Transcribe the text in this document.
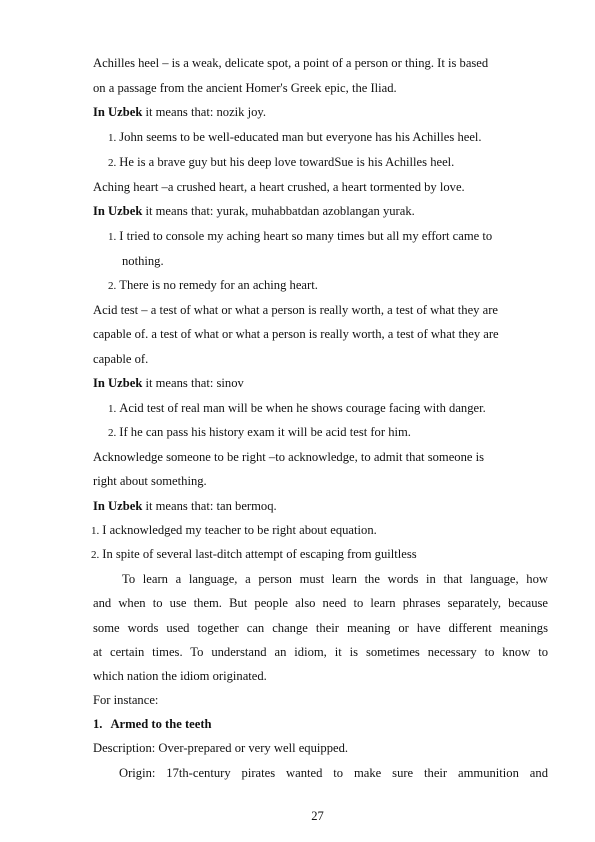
Achilles heel – is a weak, delicate spot, a point of a person or thing. It is based
on a passage from the ancient Homer's Greek epic, the Iliad.
In Uzbek it means that: nozik joy.
1. John seems to be well-educated man but everyone has his Achilles heel.
2. He is a brave guy but his deep love towardSue is his Achilles heel.
Aching heart –a crushed heart, a heart crushed, a heart tormented by love.
In Uzbek it means that: yurak, muhabbatdan azoblangan yurak.
1. I tried to console my aching heart so many times but all my effort came to
nothing.
2. There is no remedy for an aching heart.
Acid test – a test of what or what a person is really worth, a test of what they are
capable of. a test of what or what a person is really worth, a test of what they are
capable of.
In Uzbek it means that: sinov
1. Acid test of real man will be when he shows courage facing with danger.
2. If he can pass his history exam it will be acid test for him.
Acknowledge someone to be right –to acknowledge, to admit that someone is
right about something.
In Uzbek it means that: tan bermoq.
1. I acknowledged my teacher to be right about equation.
2. In spite of several last-ditch attempt of escaping from guiltless
To learn a language, a person must learn the words in that language, how
and when to use them. But people also need to learn phrases separately, because
some words used together can change their meaning or have different meanings
at certain times. To understand an idiom, it is sometimes necessary to know to
which nation the idiom originated.
For instance:
1. Armed to the teeth
Description: Over-prepared or very well equipped.
Origin: 17th-century pirates wanted to make sure their ammunition and
27
